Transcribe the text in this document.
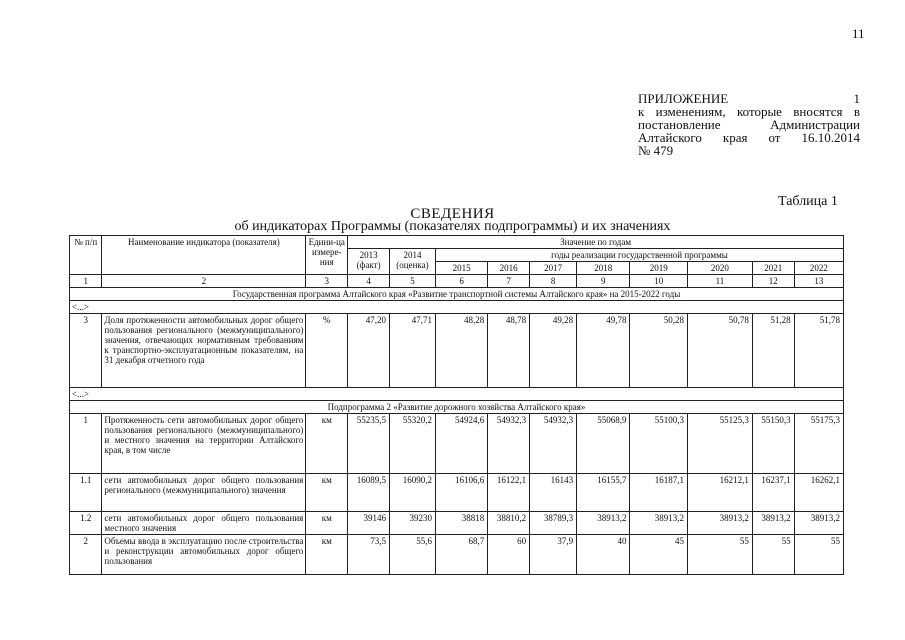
11
ПРИЛОЖЕНИЕ 1
к изменениям, которые вносятся в
постановление Администрации
Алтайского края от 16.10.2014
№ 479
Таблица 1
СВЕДЕНИЯ
об индикаторах Программы (показателях подпрограммы) и их значениях
№ п/п	Наименование индикатора (показателя)	Едини-ца измере-ния	Значение по годам									
			2013 (факт)	2014 (оценка)	годы реализации государственной программы							
					2015	2016	2017	2018	2019	2020	2021	2022
1	2	3	4	5	6	7	8	9	10	11	12	13
Государственная программа Алтайского края «Развитие транспортной системы Алтайского края» на 2015-2022 годы												
<...>												
3	Доля протяженности автомобильных дорог общего пользования регионального (межмуниципального) значения, отвечающих нормативным требованиям к транспортно-эксплуатационным показателям, на 31 декабря отчетного года	%	47,20	47,71	48,28	48,78	49,28	49,78	50,28	50,78	51,28	51,78
<...>												
Подпрограмма 2 «Развитие дорожного хозяйства Алтайского края»												
1	Протяженность сети автомобильных дорог общего пользования регионального (межмуниципального) и местного значения на территории Алтайского края, в том числе	км	55235,5	55320,2	54924,6	54932,3	54932,3	55068,9	55100,3	55125,3	55150,3	55175,3
1.1	сети автомобильных дорог общего пользования регионального (межмуниципального) значения	км	16089,5	16090,2	16106,6	16122,1	16143	16155,7	16187,1	16212,1	16237,1	16262,1
1.2	сети автомобильных дорог общего пользования местного значения	км	39146	39230	38818	38810,2	38789,3	38913,2	38913,2	38913,2	38913,2	38913,2
2	Объемы ввода в эксплуатацию после строительства и реконструкции автомобильных дорог общего пользования	км	73,5	55,6	68,7	60	37,9	40	45	55	55	55
